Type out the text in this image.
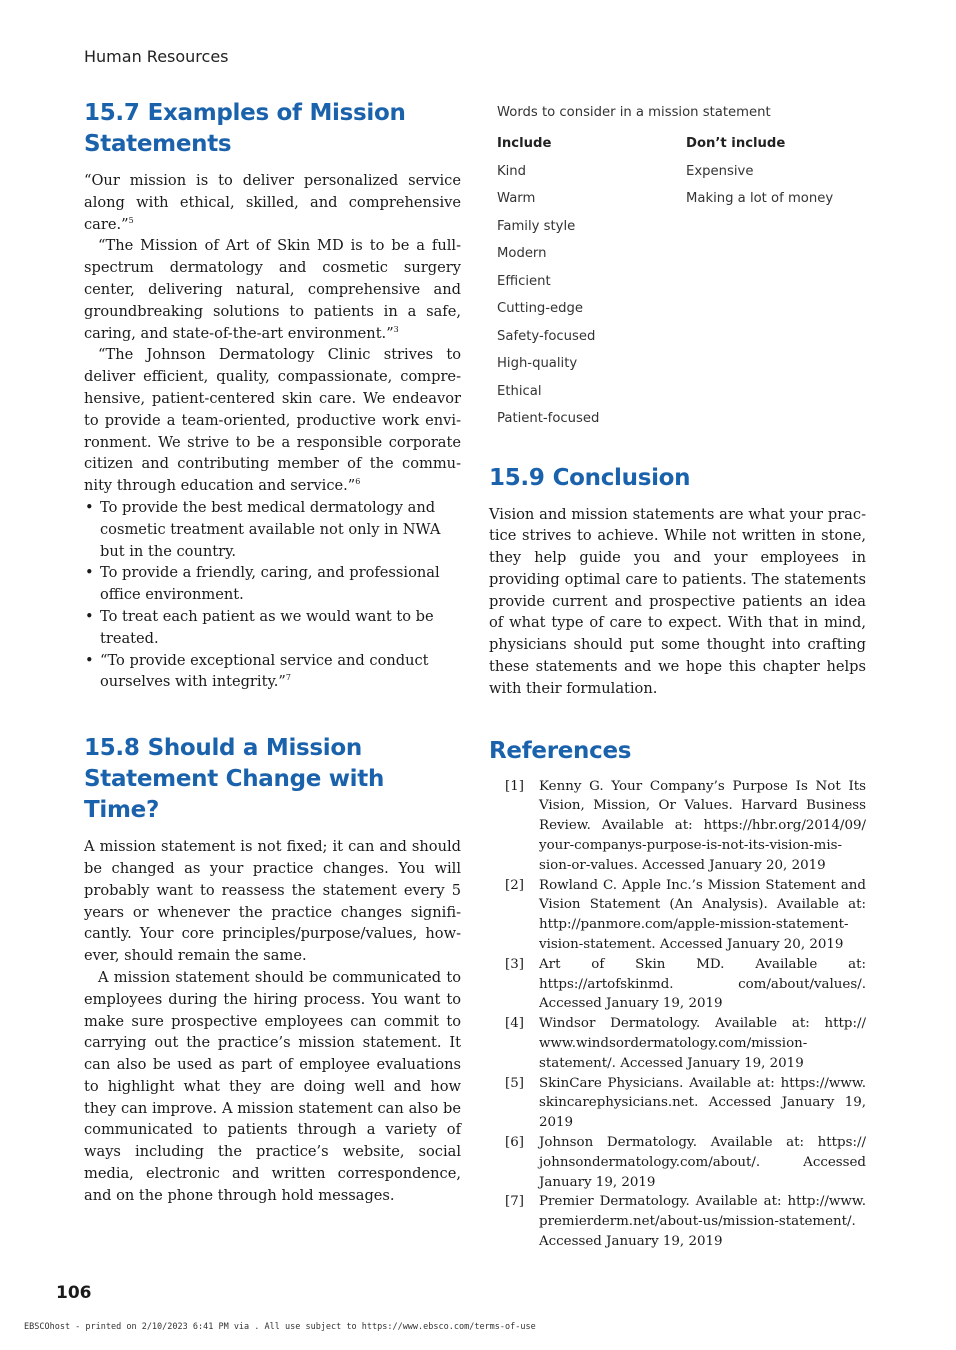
Human Resources
15.7 Examples of Mission Statements

“Our mission is to deliver personalized service along with ethical, skilled, and comprehensive care.”$^5$

“The Mission of Art of Skin MD is to be a full-spectrum dermatology and cosmetic surgery center, delivering natural, comprehensive and groundbreaking solutions to patients in a safe, caring, and state-of-the-art environment.”$^3$

“The Johnson Dermatology Clinic strives to deliver efficient, quality, compassionate, comprehensive, patient-centered skin care. We endeavor to provide a team-oriented, productive work environment. We strive to be a responsible corporate citizen and contributing member of the community through education and service.”$^6$

• To provide the best medical dermatology and cosmetic treatment available not only in NWA but in the country.
• To provide a friendly, caring, and professional office environment.
• To treat each patient as we would want to be treated.
• “To provide exceptional service and conduct ourselves with integrity.”$^7$
15.8 Should a Mission Statement Change with Time?

A mission statement is not fixed; it can and should be changed as your practice changes. You will probably want to reassess the statement every 5 years or whenever the practice changes significantly. Your core principles/purpose/values, however, should remain the same.

A mission statement should be communicated to employees during the hiring process. You want to make sure prospective employees can commit to carrying out the practice’s mission statement. It can also be used as part of employee evaluations to highlight what they are doing well and how they can improve. A mission statement can also be communicated to patients through a variety of ways including the practice’s website, social media, electronic and written correspondence, and on the phone through hold messages.

Words to consider in a mission statement
Include	Don’t include
Kind	Expensive
Warm	Making a lot of money
Family style
Modern
Efficient
Cutting-edge
Safety-focused
High-quality
Ethical
Patient-focused
15.9 Conclusion

Vision and mission statements are what your practice strives to achieve. While not written in stone, they help guide you and your employees in providing optimal care to patients. The statements provide current and prospective patients an idea of what type of care to expect. With that in mind, physicians should put some thought into crafting these statements and we hope this chapter helps with their formulation.

References
[1]	Kenny G. Your Company’s Purpose Is Not Its Vision, Mission, Or Values. Harvard Business Review. Available at: https://hbr.org/2014/09/ your-companys-purpose-is-not-its-vision-mission-or-values. Accessed January 20, 2019
[2]	Rowland C. Apple Inc.’s Mission Statement and Vision Statement (An Analysis). Available at: http://panmore.com/apple-mission-statement-vision-statement. Accessed January 20, 2019
[3]	Art of Skin MD. Available at: https://artofskinmd. com/about/values/. Accessed January 19, 2019
[4]	Windsor Dermatology. Available at: http:// www.windsordermatology.com/mission-statement/. Accessed January 19, 2019
[5]	SkinCare Physicians. Available at: https://www. skincarephysicians.net. Accessed January 19, 2019
[6]	Johnson Dermatology. Available at: https:// johnsondermatology.com/about/. Accessed January 19, 2019
[7]	Premier Dermatology. Available at: http://www. premierderm.net/about-us/mission-statement/. Accessed January 19, 2019
106
EBSCOhost - printed on 2/10/2023 6:41 PM via . All use subject to https://www.ebsco.com/terms-of-use
